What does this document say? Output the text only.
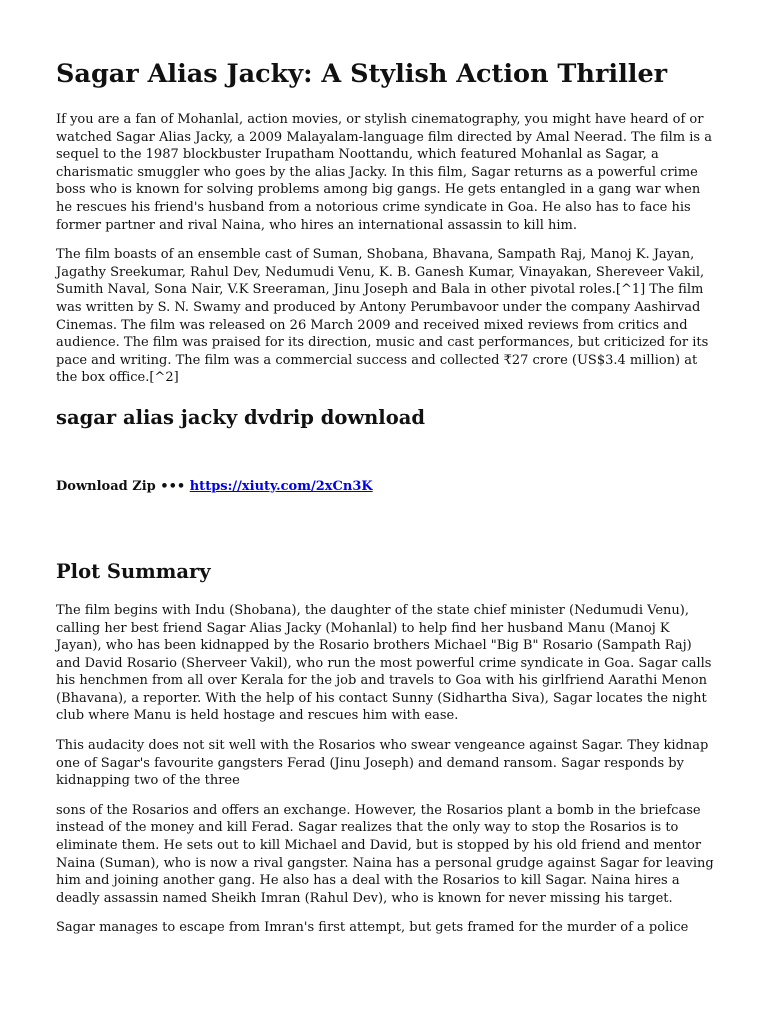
Sagar Alias Jacky: A Stylish Action Thriller

If you are a fan of Mohanlal, action movies, or stylish cinematography, you might have heard of or watched Sagar Alias Jacky, a 2009 Malayalam-language film directed by Amal Neerad. The film is a sequel to the 1987 blockbuster Irupatham Noottandu, which featured Mohanlal as Sagar, a charismatic smuggler who goes by the alias Jacky. In this film, Sagar returns as a powerful crime boss who is known for solving problems among big gangs. He gets entangled in a gang war when he rescues his friend's husband from a notorious crime syndicate in Goa. He also has to face his former partner and rival Naina, who hires an international assassin to kill him.

The film boasts of an ensemble cast of Suman, Shobana, Bhavana, Sampath Raj, Manoj K. Jayan, Jagathy Sreekumar, Rahul Dev, Nedumudi Venu, K. B. Ganesh Kumar, Vinayakan, Shereveer Vakil, Sumith Naval, Sona Nair, V.K Sreeraman, Jinu Joseph and Bala in other pivotal roles.[^1] The film was written by S. N. Swamy and produced by Antony Perumbavoor under the company Aashirvad Cinemas. The film was released on 26 March 2009 and received mixed reviews from critics and audience. The film was praised for its direction, music and cast performances, but criticized for its pace and writing. The film was a commercial success and collected ₹27 crore (US$3.4 million) at the box office.[^2]

sagar alias jacky dvdrip download
Download Zip ••• https://xiuty.com/2xCn3K
Plot Summary

The film begins with Indu (Shobana), the daughter of the state chief minister (Nedumudi Venu), calling her best friend Sagar Alias Jacky (Mohanlal) to help find her husband Manu (Manoj K Jayan), who has been kidnapped by the Rosario brothers Michael "Big B" Rosario (Sampath Raj) and David Rosario (Sherveer Vakil), who run the most powerful crime syndicate in Goa. Sagar calls his henchmen from all over Kerala for the job and travels to Goa with his girlfriend Aarathi Menon (Bhavana), a reporter. With the help of his contact Sunny (Sidhartha Siva), Sagar locates the night club where Manu is held hostage and rescues him with ease.

This audacity does not sit well with the Rosarios who swear vengeance against Sagar. They kidnap one of Sagar's favourite gangsters Ferad (Jinu Joseph) and demand ransom. Sagar responds by kidnapping two of the three

sons of the Rosarios and offers an exchange. However, the Rosarios plant a bomb in the briefcase instead of the money and kill Ferad. Sagar realizes that the only way to stop the Rosarios is to eliminate them. He sets out to kill Michael and David, but is stopped by his old friend and mentor Naina (Suman), who is now a rival gangster. Naina has a personal grudge against Sagar for leaving him and joining another gang. He also has a deal with the Rosarios to kill Sagar. Naina hires a deadly assassin named Sheikh Imran (Rahul Dev), who is known for never missing his target.

Sagar manages to escape from Imran's first attempt, but gets framed for the murder of a police
